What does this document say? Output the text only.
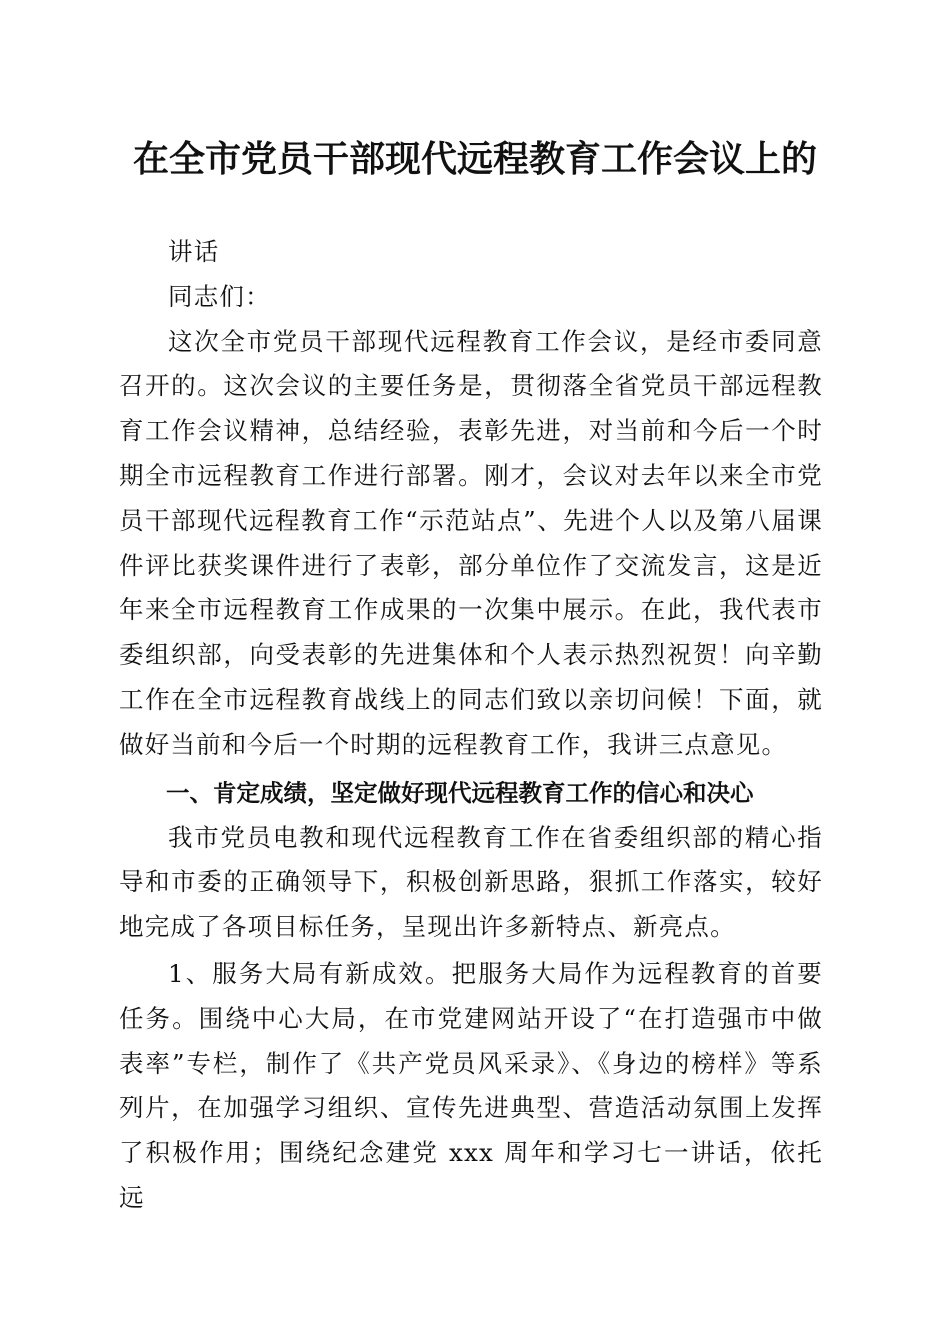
在全市党员干部现代远程教育工作会议上的

讲话

同志们：

这次全市党员干部现代远程教育工作会议，是经市委同意召开的。这次会议的主要任务是，贯彻落全省党员干部远程教育工作会议精神，总结经验，表彰先进，对当前和今后一个时期全市远程教育工作进行部署。刚才，会议对去年以来全市党员干部现代远程教育工作“示范站点”、先进个人以及第八届课件评比获奖课件进行了表彰，部分单位作了交流发言，这是近年来全市远程教育工作成果的一次集中展示。在此，我代表市委组织部，向受表彰的先进集体和个人表示热烈祝贺！向辛勤工作在全市远程教育战线上的同志们致以亲切问候！下面，就做好当前和今后一个时期的远程教育工作，我讲三点意见。

一、肯定成绩，坚定做好现代远程教育工作的信心和决心

我市党员电教和现代远程教育工作在省委组织部的精心指导和市委的正确领导下，积极创新思路，狠抓工作落实，较好地完成了各项目标任务，呈现出许多新特点、新亮点。

1、服务大局有新成效。把服务大局作为远程教育的首要任务。围绕中心大局，在市党建网站开设了“在打造强市中做表率”专栏，制作了《共产党员风采录》、《身边的榜样》等系列片，在加强学习组织、宣传先进典型、营造活动氛围上发挥了积极作用；围绕纪念建党 xxx 周年和学习七一讲话，依托远
